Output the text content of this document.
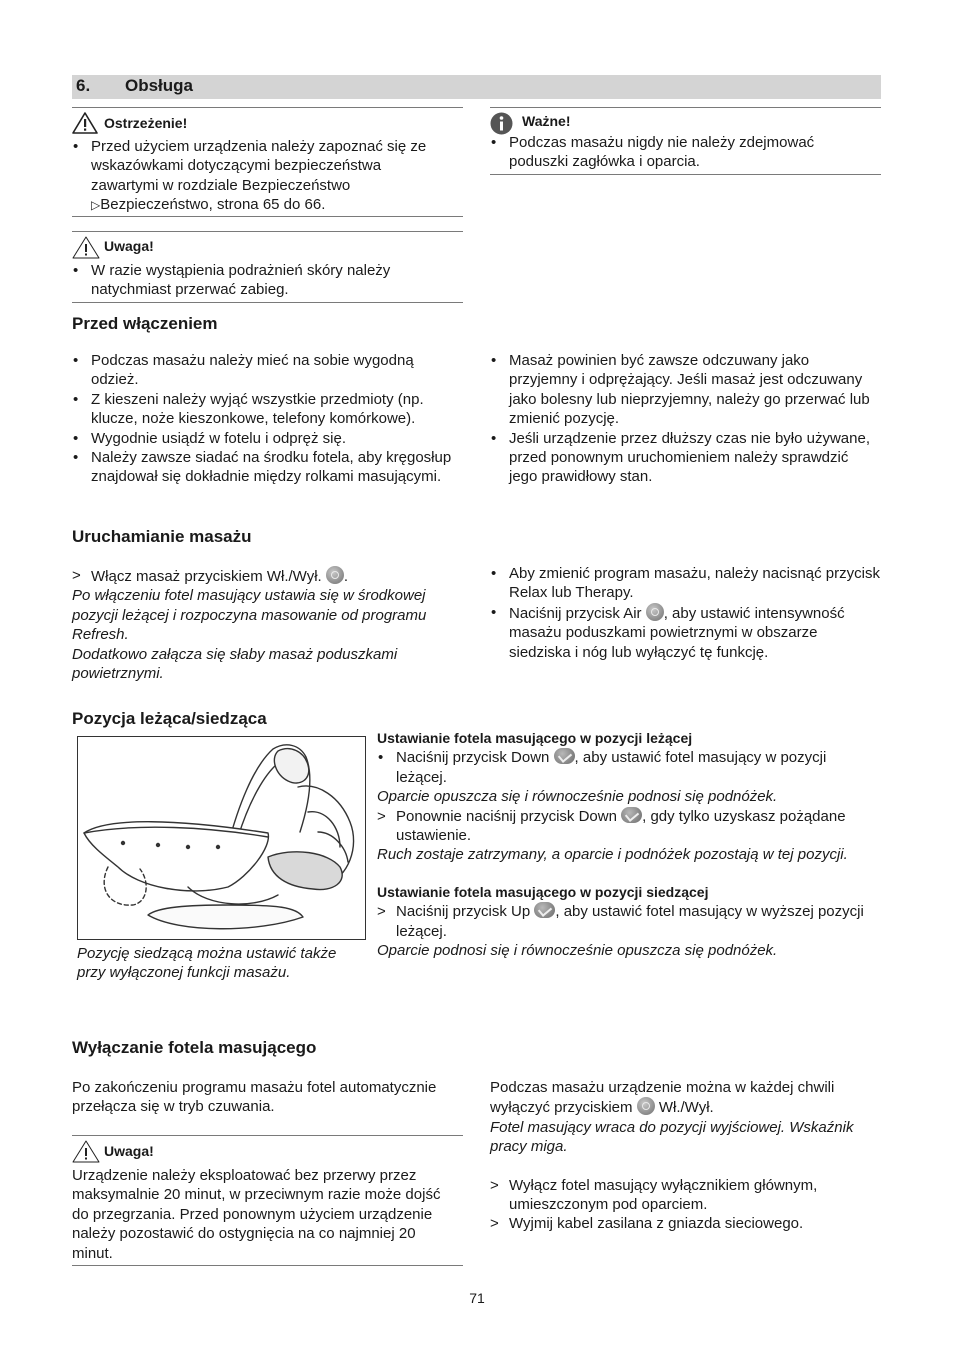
6. Obsługa
Ostrzeżenie!
• Przed użyciem urządzenia należy zapoznać się ze wskazówkami dotyczącymi bezpieczeństwa zawartymi w rozdziale Bezpieczeństwo
▷Bezpieczeństwo, strona 65 do 66.
Ważne!
• Podczas masażu nigdy nie należy zdejmować poduszki zagłówka i oparcia.
Uwaga!
• W razie wystąpienia podrażnień skóry należy natychmiast przerwać zabieg.
Przed włączeniem
• Podczas masażu należy mieć na sobie wygodną odzież.
• Z kieszeni należy wyjąć wszystkie przedmioty (np. klucze, noże kieszonkowe, telefony komórkowe).
• Wygodnie usiądź w fotelu i odpręż się.
• Należy zawsze siadać na środku fotela, aby kręgosłup znajdował się dokładnie między rolkami masującymi.
• Masaż powinien być zawsze odczuwany jako przyjemny i odprężający. Jeśli masaż jest odczuwany jako bolesny lub nieprzyjemny, należy go przerwać lub zmienić pozycję.
• Jeśli urządzenie przez dłuższy czas nie było używane, przed ponownym uruchomieniem należy sprawdzić jego prawidłowy stan.
Uruchamianie masażu
> Włącz masaż przyciskiem Wł./Wył. .
Po włączeniu fotel masujący ustawia się w środkowej pozycji leżącej i rozpoczyna masowanie od programu Refresh.
Dodatkowo załącza się słaby masaż poduszkami powietrznymi.
• Aby zmienić program masażu, należy nacisnąć przycisk Relax lub Therapy.
• Naciśnij przycisk Air , aby ustawić intensywność masażu poduszkami powietrznymi w obszarze siedziska i nóg lub wyłączyć tę funkcję.
Pozycja leżąca/siedząca
Pozycję siedzącą można ustawić także przy wyłączonej funkcji masażu.
Ustawianie fotela masującego w pozycji leżącej
• Naciśnij przycisk Down , aby ustawić fotel masujący w pozycji leżącej.
Oparcie opuszcza się i równocześnie podnosi się podnóżek.
> Ponownie naciśnij przycisk Down , gdy tylko uzyskasz pożądane ustawienie.
Ruch zostaje zatrzymany, a oparcie i podnóżek pozostają w tej pozycji.
Ustawianie fotela masującego w pozycji siedzącej
> Naciśnij przycisk Up , aby ustawić fotel masujący w wyższej pozycji leżącej.
Oparcie podnosi się i równocześnie opuszcza się podnóżek.
Wyłączanie fotela masującego
Po zakończeniu programu masażu fotel automatycznie przełącza się w tryb czuwania.
Uwaga!
Urządzenie należy eksploatować bez przerwy przez maksymalnie 20 minut, w przeciwnym razie może dojść do przegrzania. Przed ponownym użyciem urządzenie należy pozostawić do ostygnięcia na co najmniej 20 minut.
Podczas masażu urządzenie można w każdej chwili wyłączyć przyciskiem Wł./Wył.
Fotel masujący wraca do pozycji wyjściowej. Wskaźnik pracy miga.
> Wyłącz fotel masujący wyłącznikiem głównym, umieszczonym pod oparciem.
> Wyjmij kabel zasilana z gniazda sieciowego.
71
